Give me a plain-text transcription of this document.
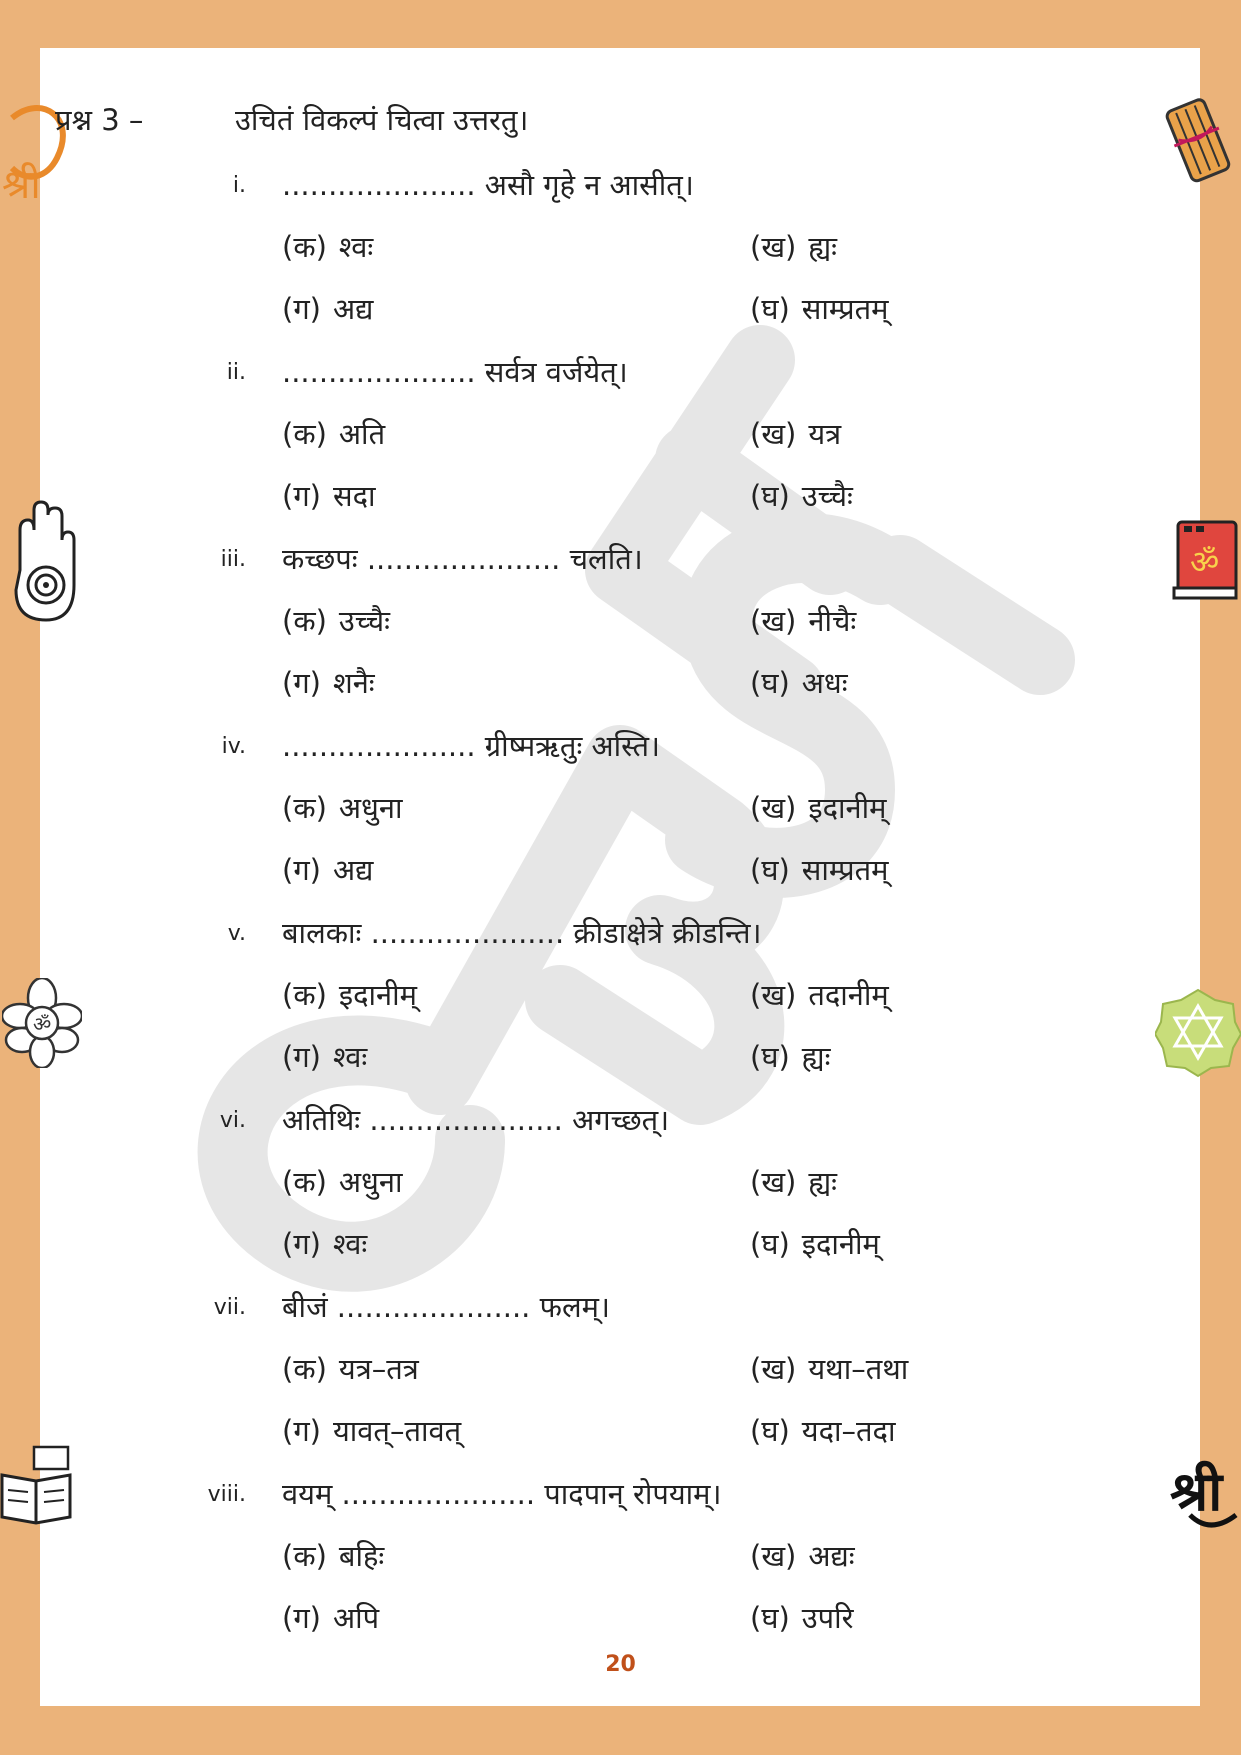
श्री
ॐ
ॐ
श्री
प्रश्न 3 –	उचितं विकल्पं चित्वा उत्तरतु।
i. ..................... असौ गृहे न आसीत्।
(क) श्वः	(ख) ह्यः
(ग) अद्य	(घ) साम्प्रतम्
ii. ..................... सर्वत्र वर्जयेत्।
(क) अति	(ख) यत्र
(ग) सदा	(घ) उच्चैः
iii. कच्छपः ..................... चलति।
(क) उच्चैः	(ख) नीचैः
(ग) शनैः	(घ) अधः
iv. ..................... ग्रीष्मऋतुः अस्ति।
(क) अधुना	(ख) इदानीम्
(ग) अद्य	(घ) साम्प्रतम्
v. बालकाः ..................... क्रीडाक्षेत्रे क्रीडन्ति।
(क) इदानीम्	(ख) तदानीम्
(ग) श्वः	(घ) ह्यः
vi. अतिथिः ..................... अगच्छत्।
(क) अधुना	(ख) ह्यः
(ग) श्वः	(घ) इदानीम्
vii. बीजं ..................... फलम्।
(क) यत्र–तत्र	(ख) यथा–तथा
(ग) यावत्–तावत्	(घ) यदा–तदा
viii. वयम् ..................... पादपान् रोपयाम्।
(क) बहिः	(ख) अद्यः
(ग) अपि	(घ) उपरि
20
